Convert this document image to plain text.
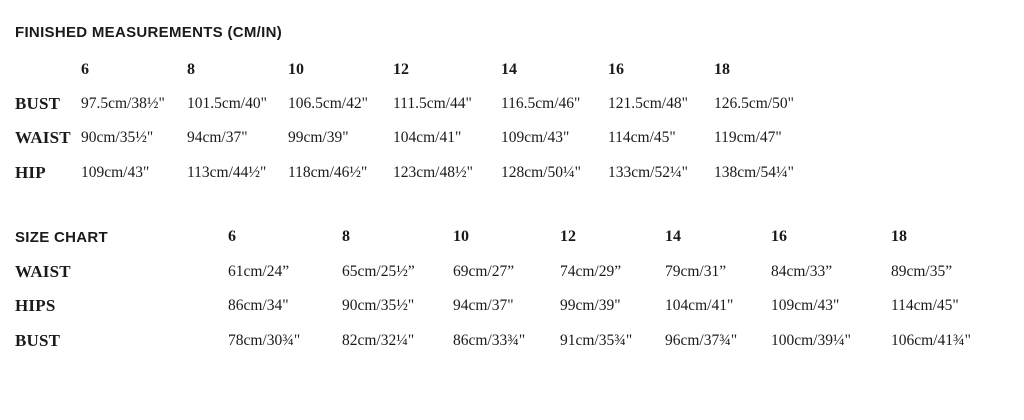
FINISHED MEASUREMENTS (CM/IN)
6	8	10	12	14	16	18
BUST 97.5cm/38½" 101.5cm/40" 106.5cm/42" 111.5cm/44" 116.5cm/46" 121.5cm/48" 126.5cm/50"
WAIST 90cm/35½" 94cm/37"	99cm/39"	104cm/41"	109cm/43" 114cm/45" 119cm/47"
HIP 109cm/43" 113cm/44½" 118cm/46½" 123cm/48½" 128cm/50¼" 133cm/52¼" 138cm/54¼"
SIZE CHART	6	8	10	12	14	16	18
WAIST	61cm/24”	65cm/25½” 69cm/27”	74cm/29”	79cm/31”	84cm/33”	89cm/35”
HIPS	86cm/34"	90cm/35½"	94cm/37"	99cm/39"	104cm/41" 109cm/43"	114cm/45"
BUST	78cm/30¾"	82cm/32¼"	86cm/33¾" 91cm/35¾" 96cm/37¾" 100cm/39¼"	106cm/41¾"
